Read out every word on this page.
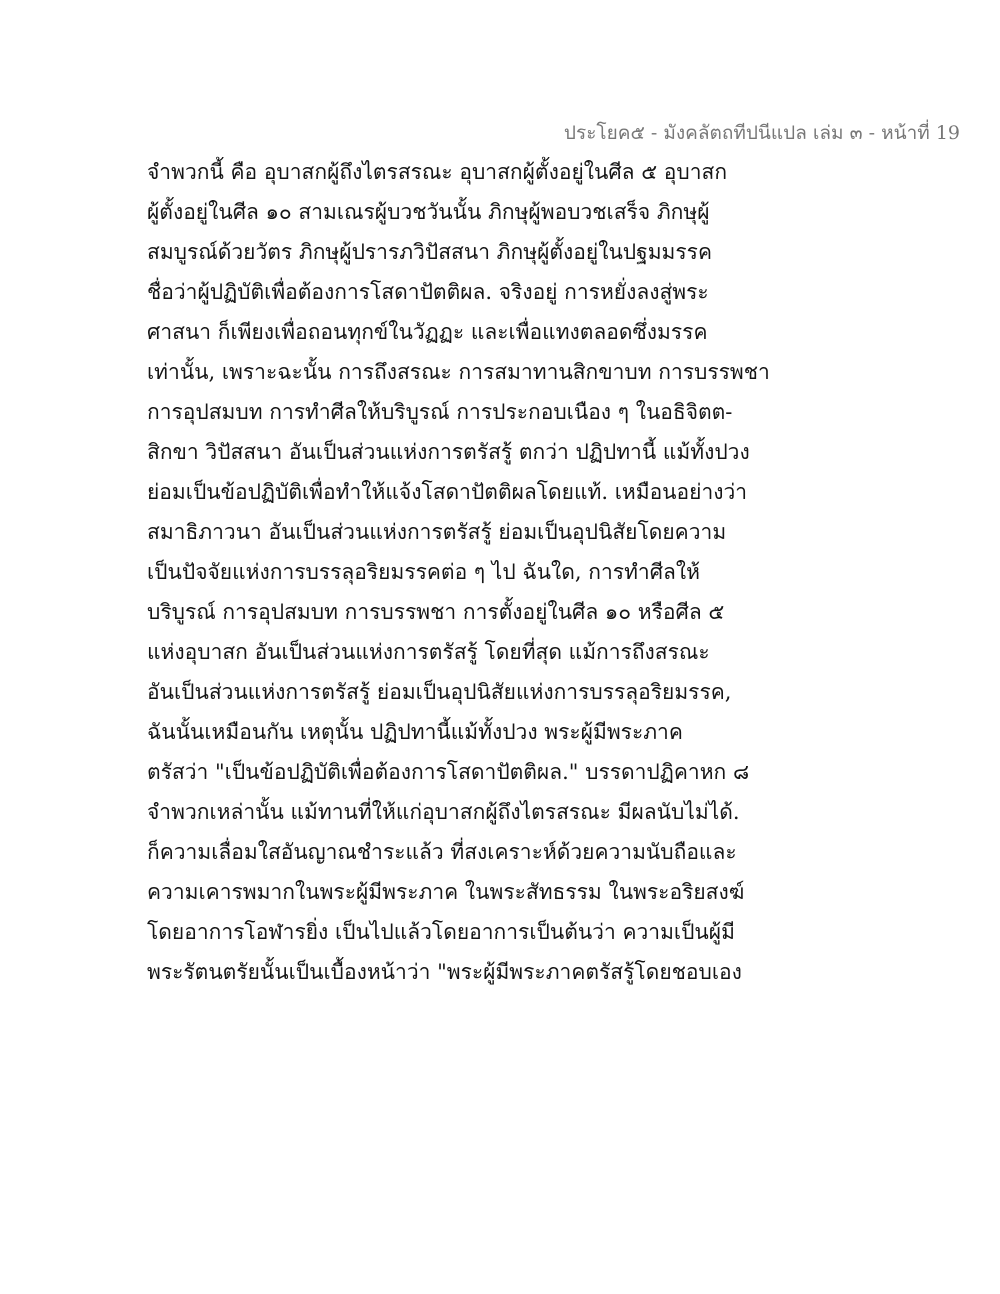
ประโยค๕ - มังคลัตถทีปนีแปล เล่ม ๓ - หน้าที่ 19
จำพวกนี้ คือ อุบาสกผู้ถึงไตรสรณะ อุบาสกผู้ตั้งอยู่ในศีล ๕ อุบาสก
ผู้ตั้งอยู่ในศีล ๑๐ สามเณรผู้บวชวันนั้น ภิกษุผู้พอบวชเสร็จ ภิกษุผู้
สมบูรณ์ด้วยวัตร ภิกษุผู้ปรารภวิปัสสนา ภิกษุผู้ตั้งอยู่ในปฐมมรรค
ชื่อว่าผู้ปฏิบัติเพื่อต้องการโสดาปัตติผล. จริงอยู่ การหยั่งลงสู่พระ
ศาสนา ก็เพียงเพื่อถอนทุกข์ในวัฏฏะ และเพื่อแทงตลอดซึ่งมรรค
เท่านั้น, เพราะฉะนั้น การถึงสรณะ การสมาทานสิกขาบท การบรรพชา
การอุปสมบท การทำศีลให้บริบูรณ์ การประกอบเนือง ๆ ในอธิจิตต-
สิกขา วิปัสสนา อันเป็นส่วนแห่งการตรัสรู้ ตกว่า ปฏิปทานี้ แม้ทั้งปวง
ย่อมเป็นข้อปฏิบัติเพื่อทำให้แจ้งโสดาปัตติผลโดยแท้. เหมือนอย่างว่า
สมาธิภาวนา อันเป็นส่วนแห่งการตรัสรู้ ย่อมเป็นอุปนิสัยโดยความ
เป็นปัจจัยแห่งการบรรลุอริยมรรคต่อ ๆ ไป ฉันใด, การทำศีลให้
บริบูรณ์ การอุปสมบท การบรรพชา การตั้งอยู่ในศีล ๑๐ หรือศีล ๕
แห่งอุบาสก อันเป็นส่วนแห่งการตรัสรู้ โดยที่สุด แม้การถึงสรณะ
อันเป็นส่วนแห่งการตรัสรู้ ย่อมเป็นอุปนิสัยแห่งการบรรลุอริยมรรค,
ฉันนั้นเหมือนกัน เหตุนั้น ปฏิปทานี้แม้ทั้งปวง พระผู้มีพระภาค
ตรัสว่า "เป็นข้อปฏิบัติเพื่อต้องการโสดาปัตติผล." บรรดาปฏิคาหก ๘
จำพวกเหล่านั้น แม้ทานที่ให้แก่อุบาสกผู้ถึงไตรสรณะ มีผลนับไม่ได้.
ก็ความเลื่อมใสอันญาณชำระแล้ว ที่สงเคราะห์ด้วยความนับถือและ
ความเคารพมากในพระผู้มีพระภาค ในพระสัทธรรม ในพระอริยสงฆ์
โดยอาการโอฬารยิ่ง เป็นไปแล้วโดยอาการเป็นต้นว่า ความเป็นผู้มี
พระรัตนตรัยนั้นเป็นเบื้องหน้าว่า "พระผู้มีพระภาคตรัสรู้โดยชอบเอง
